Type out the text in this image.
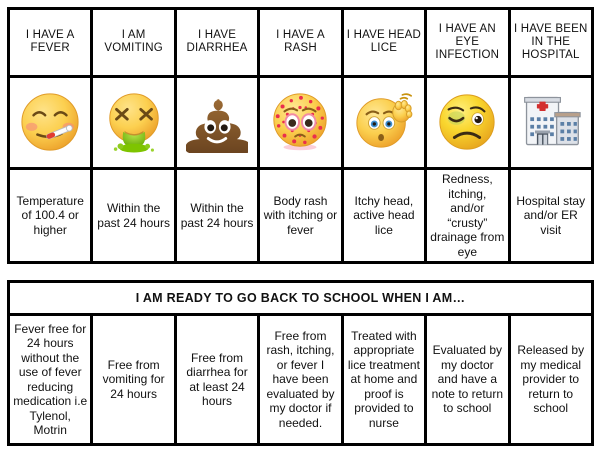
I HAVE A FEVER
I AM VOMITING
I HAVE DIARRHEA
I HAVE A RASH
I HAVE HEAD LICE
I HAVE AN EYE INFECTION
I HAVE BEEN IN THE HOSPITAL
Temperature of 100.4 or higher
Within the past 24 hours
Within the past 24 hours
Body rash with itching or fever
Itchy head, active head lice
Redness, itching, and/or “crusty” drainage from eye
Hospital stay and/or ER visit
I AM READY TO GO BACK TO SCHOOL WHEN I AM…
Fever free for 24 hours without the use of fever reducing medication i.e Tylenol, Motrin
Free from vomiting for 24 hours
Free from diarrhea for at least 24 hours
Free from rash, itching, or fever I have been evaluated by my doctor if needed.
Treated with appropriate lice treatment at home and proof is provided to nurse
Evaluated by my doctor and have a note to return to school
Released by my medical provider to return to school
